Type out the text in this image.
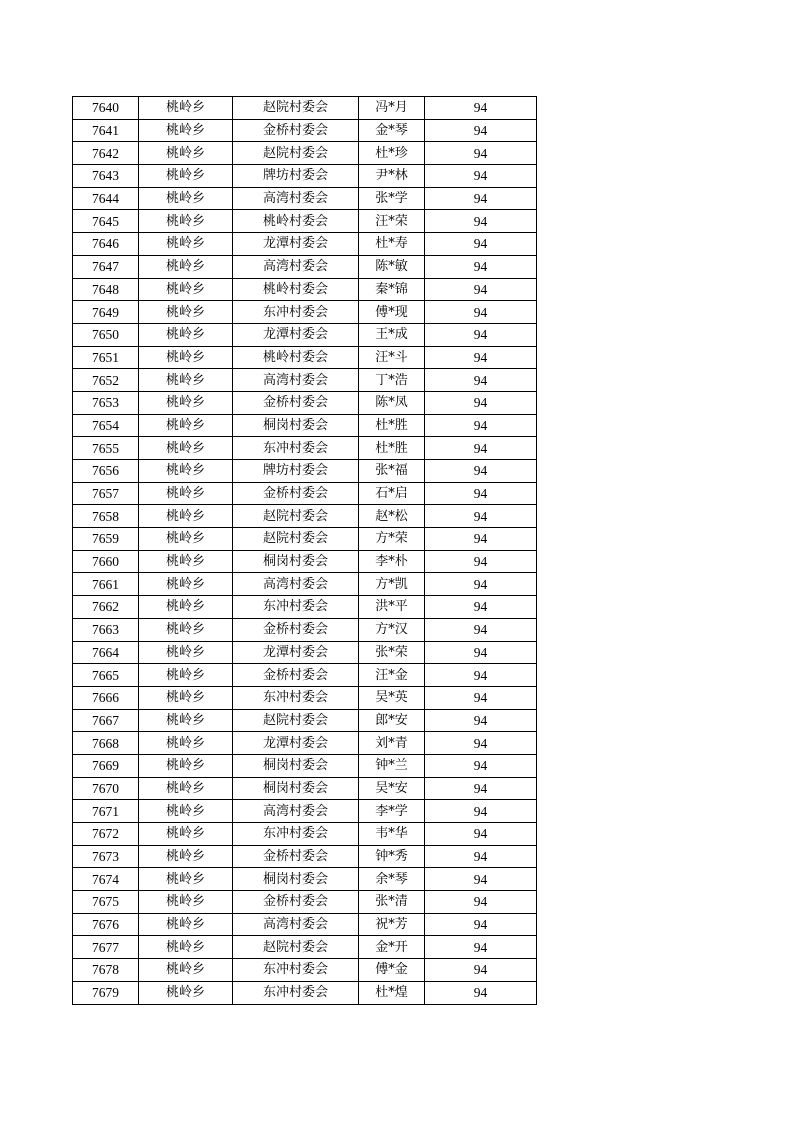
7640	桃岭乡	赵院村委会	冯*月	94
7641	桃岭乡	金桥村委会	金*琴	94
7642	桃岭乡	赵院村委会	杜*珍	94
7643	桃岭乡	牌坊村委会	尹*林	94
7644	桃岭乡	高湾村委会	张*学	94
7645	桃岭乡	桃岭村委会	汪*荣	94
7646	桃岭乡	龙潭村委会	杜*寿	94
7647	桃岭乡	高湾村委会	陈*敏	94
7648	桃岭乡	桃岭村委会	秦*锦	94
7649	桃岭乡	东冲村委会	傅*现	94
7650	桃岭乡	龙潭村委会	王*成	94
7651	桃岭乡	桃岭村委会	汪*斗	94
7652	桃岭乡	高湾村委会	丁*浩	94
7653	桃岭乡	金桥村委会	陈*凤	94
7654	桃岭乡	桐岗村委会	杜*胜	94
7655	桃岭乡	东冲村委会	杜*胜	94
7656	桃岭乡	牌坊村委会	张*福	94
7657	桃岭乡	金桥村委会	石*启	94
7658	桃岭乡	赵院村委会	赵*松	94
7659	桃岭乡	赵院村委会	方*荣	94
7660	桃岭乡	桐岗村委会	李*朴	94
7661	桃岭乡	高湾村委会	方*凯	94
7662	桃岭乡	东冲村委会	洪*平	94
7663	桃岭乡	金桥村委会	方*汉	94
7664	桃岭乡	龙潭村委会	张*荣	94
7665	桃岭乡	金桥村委会	汪*金	94
7666	桃岭乡	东冲村委会	吴*英	94
7667	桃岭乡	赵院村委会	郎*安	94
7668	桃岭乡	龙潭村委会	刘*青	94
7669	桃岭乡	桐岗村委会	钟*兰	94
7670	桃岭乡	桐岗村委会	吴*安	94
7671	桃岭乡	高湾村委会	李*学	94
7672	桃岭乡	东冲村委会	韦*华	94
7673	桃岭乡	金桥村委会	钟*秀	94
7674	桃岭乡	桐岗村委会	余*琴	94
7675	桃岭乡	金桥村委会	张*清	94
7676	桃岭乡	高湾村委会	祝*芳	94
7677	桃岭乡	赵院村委会	金*开	94
7678	桃岭乡	东冲村委会	傅*金	94
7679	桃岭乡	东冲村委会	杜*煌	94
